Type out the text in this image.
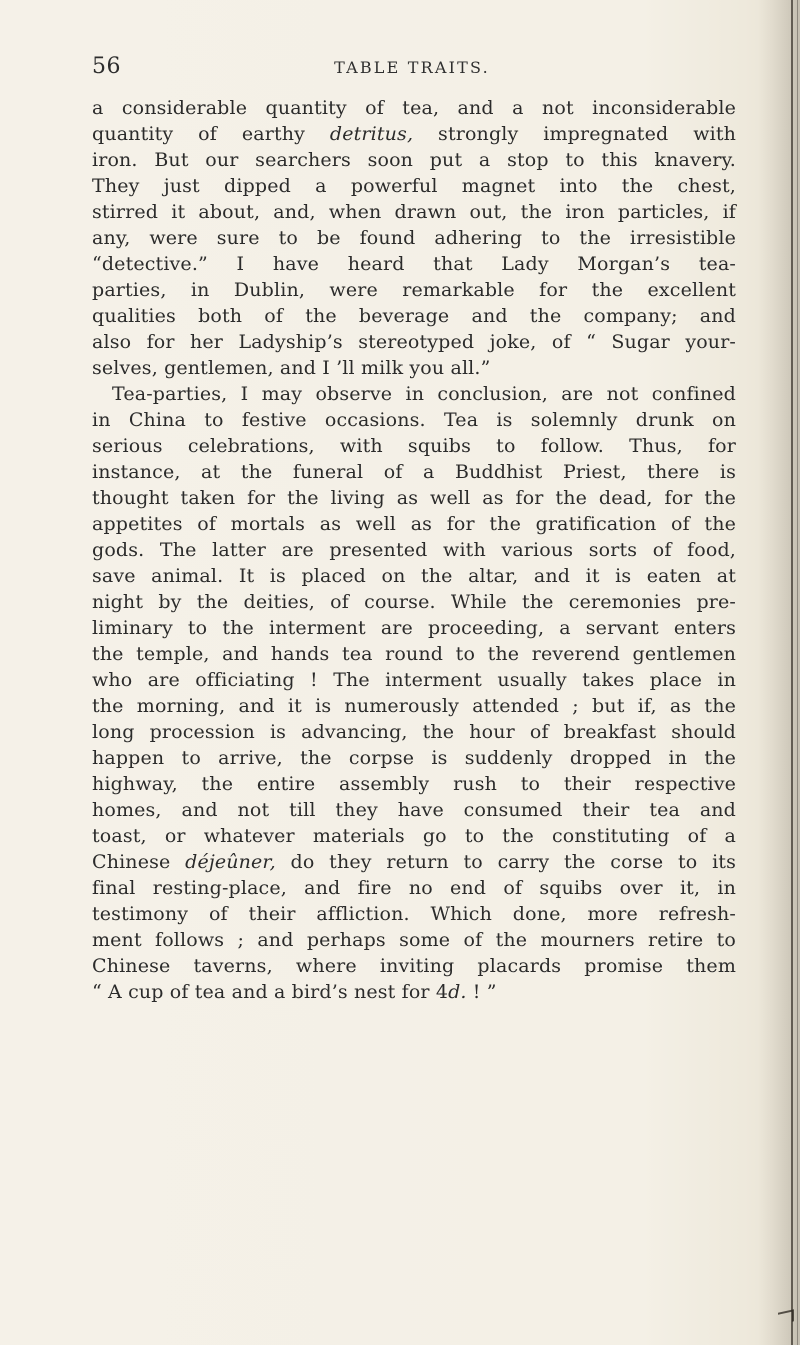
56	TABLE TRAITS.
a considerable quantity of tea, and a not inconsiderable
quantity of earthy detritus, strongly impregnated with
iron. But our searchers soon put a stop to this knavery.
They just dipped a powerful magnet into the chest,
stirred it about, and, when drawn out, the iron particles, if
any, were sure to be found adhering to the irresistible
“detective.” I have heard that Lady Morgan’s tea-
parties, in Dublin, were remarkable for the excellent
qualities both of the beverage and the company; and
also for her Ladyship’s stereotyped joke, of “ Sugar your-
selves, gentlemen, and I ’ll milk you all.”
Tea-parties, I may observe in conclusion, are not confined
in China to festive occasions. Tea is solemnly drunk on
serious celebrations, with squibs to follow. Thus, for
instance, at the funeral of a Buddhist Priest, there is
thought taken for the living as well as for the dead, for the
appetites of mortals as well as for the gratification of the
gods. The latter are presented with various sorts of food,
save animal. It is placed on the altar, and it is eaten at
night by the deities, of course. While the ceremonies pre-
liminary to the interment are proceeding, a servant enters
the temple, and hands tea round to the reverend gentlemen
who are officiating ! The interment usually takes place in
the morning, and it is numerously attended ; but if, as the
long procession is advancing, the hour of breakfast should
happen to arrive, the corpse is suddenly dropped in the
highway, the entire assembly rush to their respective
homes, and not till they have consumed their tea and
toast, or whatever materials go to the constituting of a
Chinese déjeûner, do they return to carry the corse to its
final resting-place, and fire no end of squibs over it, in
testimony of their affliction. Which done, more refresh-
ment follows ; and perhaps some of the mourners retire to
Chinese taverns, where inviting placards promise them
“ A cup of tea and a bird’s nest for 4d. ! ”
